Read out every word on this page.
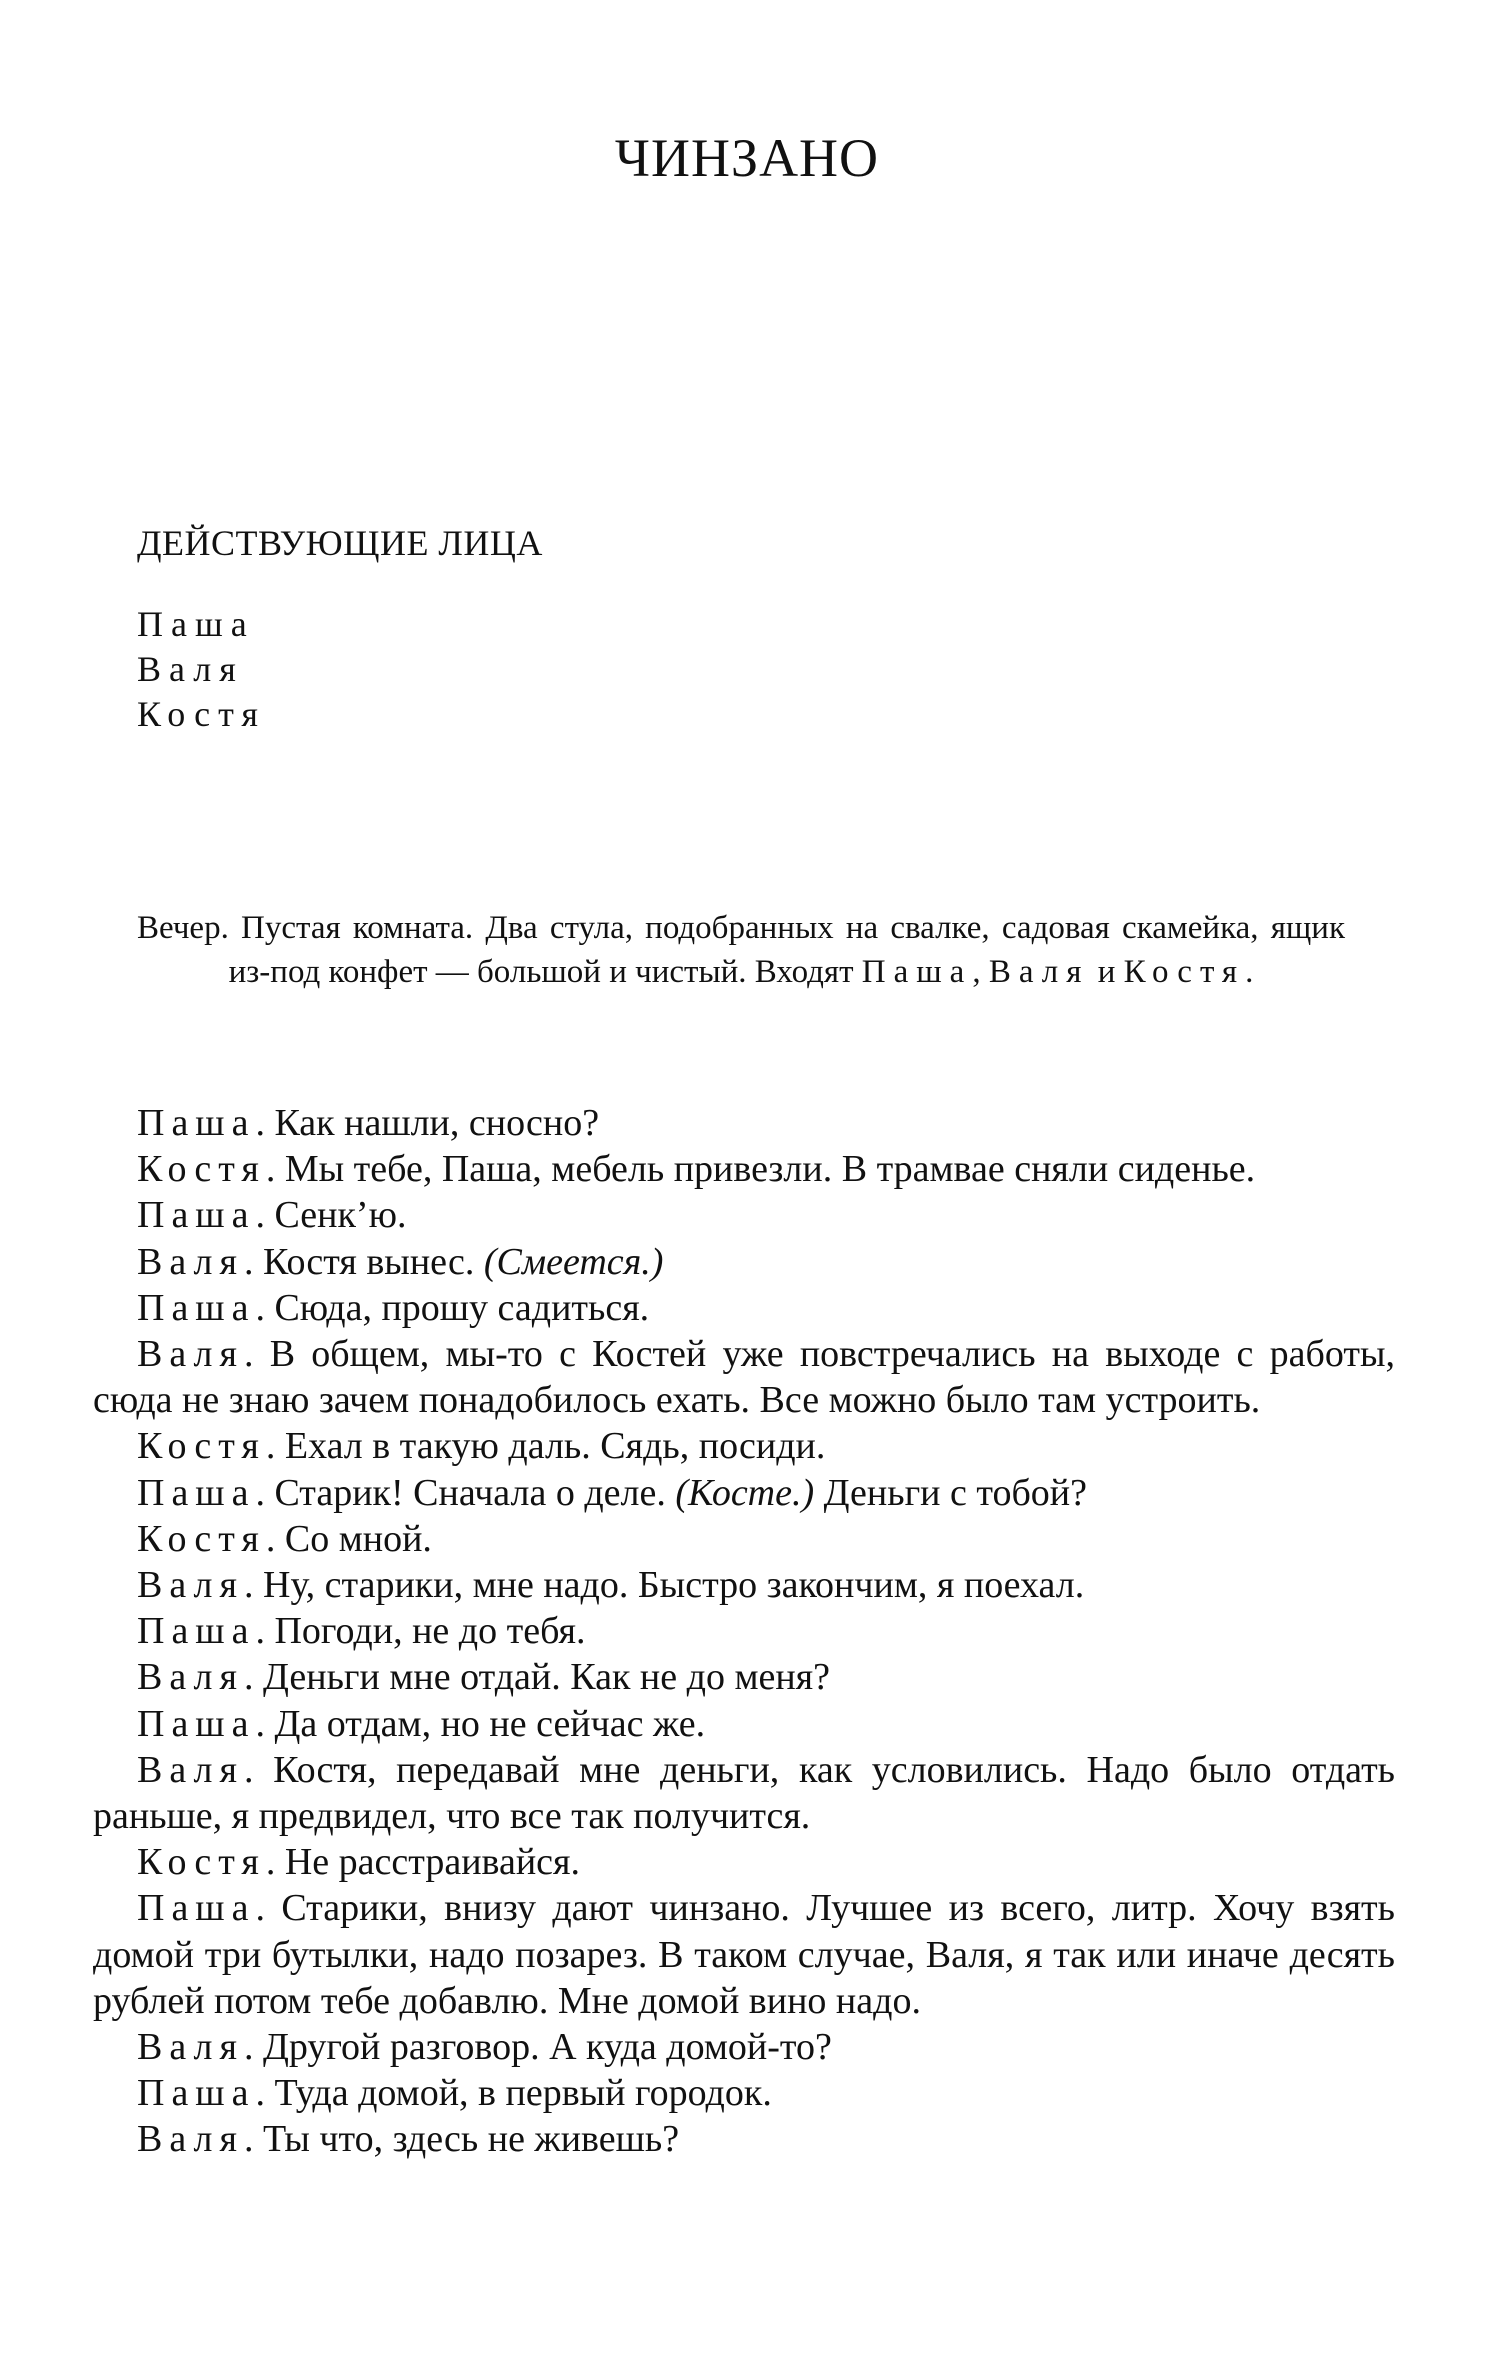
ЧИНЗАНО
ДЕЙСТВУЮЩИЕ ЛИЦА
Паша
Валя
Костя

Вечер. Пустая комната. Два стула, подобранных на свалке, садовая скамейка, ящик из-под конфет — большой и чистый. Входят Паша, Валя и Костя.

Паша. Как нашли, сносно?

Костя. Мы тебе, Паша, мебель привезли. В трамвае сняли сиденье.

Паша. Сенк’ю.

Валя. Костя вынес. (Смеется.)

Паша. Сюда, прошу садиться.

Валя. В общем, мы-то с Костей уже повстречались на выходе с работы, сюда не знаю зачем понадобилось ехать. Все можно было там устроить.

Костя. Ехал в такую даль. Сядь, посиди.

Паша. Старик! Сначала о деле. (Косте.) Деньги с тобой?

Костя. Со мной.

Валя. Ну, старики, мне надо. Быстро закончим, я поехал.

Паша. Погоди, не до тебя.

Валя. Деньги мне отдай. Как не до меня?

Паша. Да отдам, но не сейчас же.

Валя. Костя, передавай мне деньги, как условились. Надо было отдать раньше, я предвидел, что все так получится.

Костя. Не расстраивайся.

Паша. Старики, внизу дают чинзано. Лучшее из всего, литр. Хочу взять домой три бутылки, надо позарез. В таком случае, Валя, я так или иначе десять рублей потом тебе добавлю. Мне домой вино надо.

Валя. Другой разговор. А куда домой-то?

Паша. Туда домой, в первый городок.

Валя. Ты что, здесь не живешь?
